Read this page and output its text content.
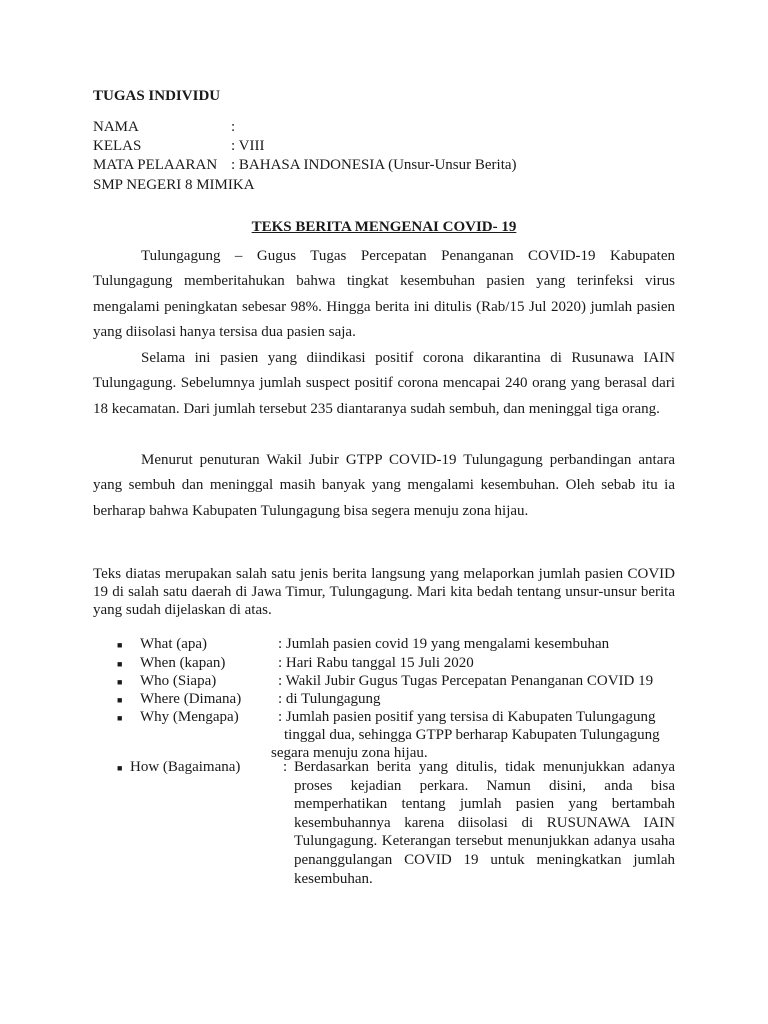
TUGAS INDIVIDU
NAMA	:
KELAS	: VIII
MATA PELAARAN : BAHASA INDONESIA (Unsur-Unsur Berita)
SMP NEGERI 8 MIMIKA
TEKS BERITA MENGENAI COVID- 19
Tulungagung – Gugus Tugas Percepatan Penanganan COVID-19 Kabupaten Tulungagung memberitahukan bahwa tingkat kesembuhan pasien yang terinfeksi virus mengalami peningkatan sebesar 98%. Hingga berita ini ditulis (Rab/15 Jul 2020) jumlah pasien yang diisolasi hanya tersisa dua pasien saja.
Selama ini pasien yang diindikasi positif corona dikarantina di Rusunawa IAIN Tulungagung. Sebelumnya jumlah suspect positif corona mencapai 240 orang yang berasal dari 18 kecamatan. Dari jumlah tersebut 235 diantaranya sudah sembuh, dan meninggal tiga orang.
Menurut penuturan Wakil Jubir GTPP COVID-19 Tulungagung perbandingan antara yang sembuh dan meninggal masih banyak yang mengalami kesembuhan. Oleh sebab itu ia berharap bahwa Kabupaten Tulungagung bisa segera menuju zona hijau.
Teks diatas merupakan salah satu jenis berita langsung yang melaporkan jumlah pasien COVID 19 di salah satu daerah di Jawa Timur, Tulungagung. Mari kita bedah tentang unsur-unsur berita yang sudah dijelaskan di atas.
■ What (apa)	: Jumlah pasien covid 19 yang mengalami kesembuhan
■ When (kapan)	: Hari Rabu tanggal 15 Juli 2020
■ Who (Siapa)	: Wakil Jubir Gugus Tugas Percepatan Penanganan COVID 19
■ Where (Dimana) : di Tulungagung
■ Why (Mengapa)	: Jumlah pasien positif yang tersisa di Kabupaten Tulungagung
tinggal dua, sehingga GTPP berharap Kabupaten Tulungagung
segara menuju zona hijau.
■ How (Bagaimana)	: Berdasarkan berita yang ditulis, tidak menunjukkan adanya proses kejadian perkara. Namun disini, anda bisa memperhatikan tentang jumlah pasien yang bertambah kesembuhannya karena diisolasi di RUSUNAWA IAIN Tulungagung. Keterangan tersebut menunjukkan adanya usaha penanggulangan COVID 19 untuk meningkatkan jumlah kesembuhan.
